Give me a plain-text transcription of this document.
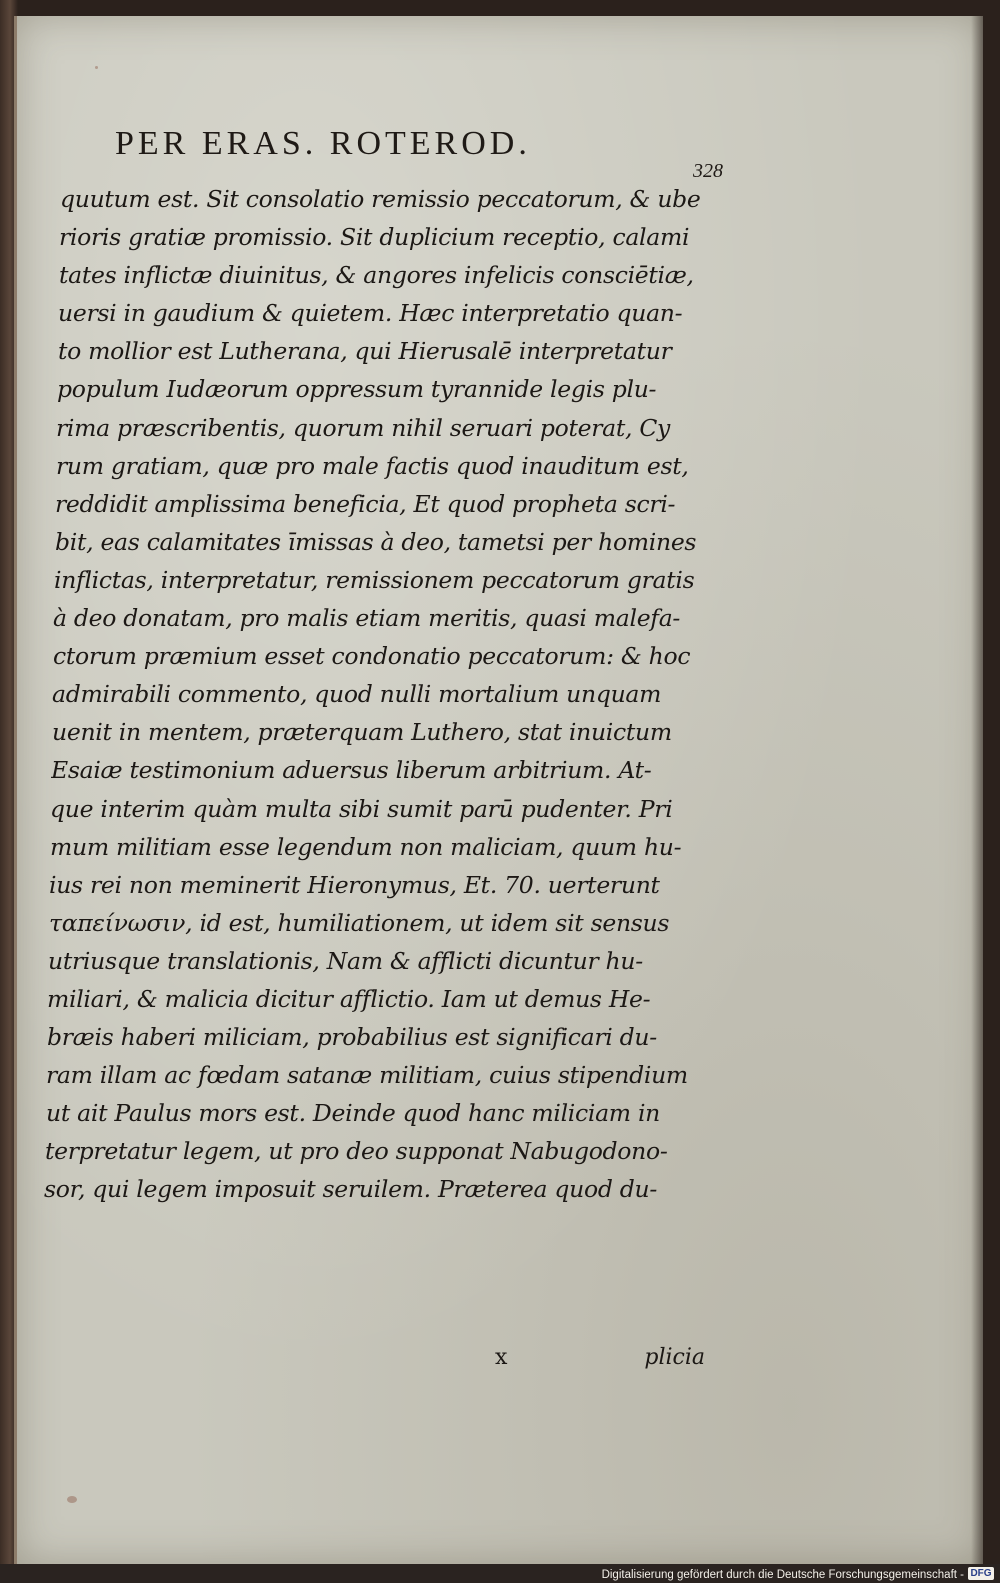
PER ERAS. ROTEROD.
328
quutum est. Sit consolatio remissio peccatorum, & ube
rioris gratiæ promissio. Sit duplicium receptio, calami
tates inflictæ diuinitus, & angores infelicis consciētiæ,
uersi in gaudium & quietem. Hæc interpretatio quan-
to mollior est Lutherana, qui Hierusalē interpretatur
populum Iudæorum oppressum tyrannide legis plu-
rima præscribentis, quorum nihil seruari poterat, Cy
rum gratiam, quæ pro male factis quod inauditum est,
reddidit amplissima beneficia, Et quod propheta scri-
bit, eas calamitates īmissas à deo, tametsi per homines
inflictas, interpretatur, remissionem peccatorum gratis
à deo donatam, pro malis etiam meritis, quasi malefa-
ctorum præmium esset condonatio peccatorum: & hoc
admirabili commento, quod nulli mortalium unquam
uenit in mentem, præterquam Luthero, stat inuictum
Esaiæ testimonium aduersus liberum arbitrium. At-
que interim quàm multa sibi sumit parū pudenter. Pri
mum militiam esse legendum non maliciam, quum hu-
ius rei non meminerit Hieronymus, Et. 70. uerterunt
ταπείνωσιν, id est, humiliationem, ut idem sit sensus
utriusque translationis, Nam & afflicti dicuntur hu-
miliari, & malicia dicitur afflictio. Iam ut demus He-
bræis haberi miliciam, probabilius est significari du-
ram illam ac fœdam satanæ militiam, cuius stipendium
ut ait Paulus mors est. Deinde quod hanc miliciam in
terpretatur legem, ut pro deo supponat Nabugodono-
sor, qui legem imposuit seruilem. Præterea quod du-
x	plicia
Digitalisierung gefördert durch die Deutsche Forschungsgemeinschaft - DFG
